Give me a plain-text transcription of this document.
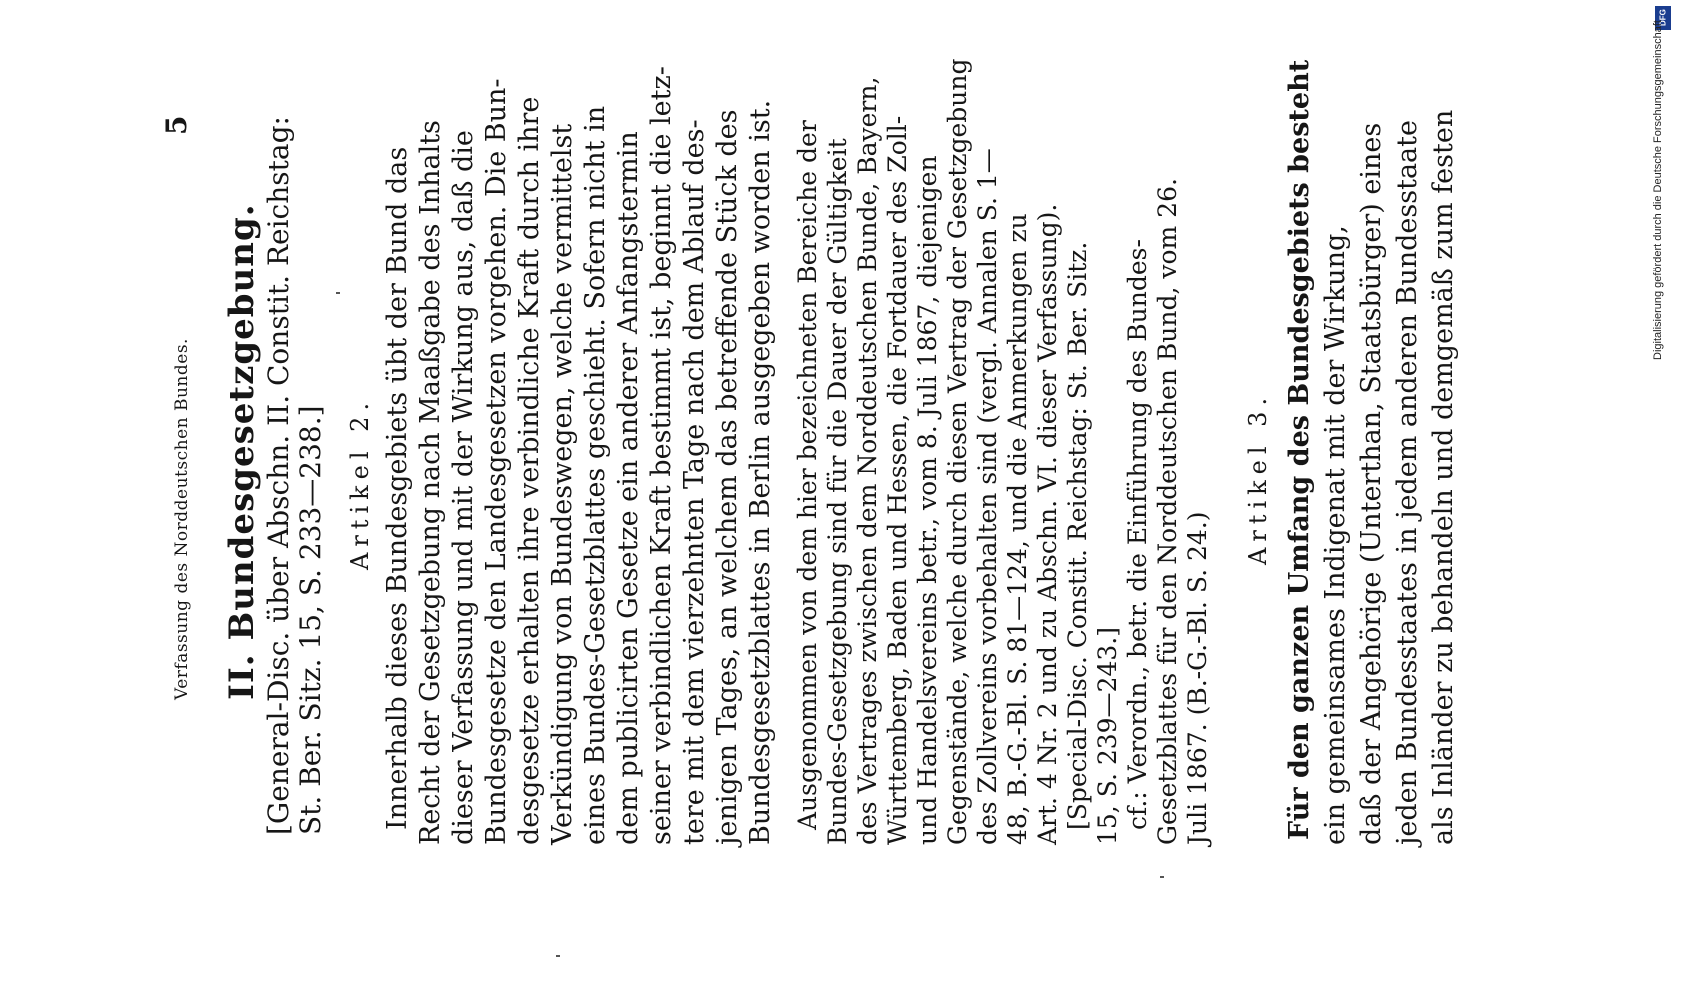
Verfassung des Norddeutschen Bundes.
5
II. Bundesgesetzgebung. [General-Disc. über Abschn. II. Constit. Reichstag: St. Ber. Sitz. 15, S. 233—238.] Artikel 2. Innerhalb dieses Bundesgebiets übt der Bund das Recht der Gesetzgebung nach Maaßgabe des Inhalts dieser Verfassung und mit der Wirkung aus, daß die Bundesgesetze den Landesgesetzen vorgehen. Die Bun- desgesetze erhalten ihre verbindliche Kraft durch ihre Verkündigung von Bundeswegen, welche vermittelst eines Bundes-Gesetzblattes geschieht. Sofern nicht in dem publicirten Gesetze ein anderer Anfangstermin seiner verbindlichen Kraft bestimmt ist, beginnt die letz- tere mit dem vierzehnten Tage nach dem Ablauf des- jenigen Tages, an welchem das betreffende Stück des Bundesgesetzblattes in Berlin ausgegeben worden ist. Ausgenommen von dem hier bezeichneten Bereiche der Bundes-Gesetzgebung sind für die Dauer der Gültigkeit des Vertrages zwischen dem Norddeutschen Bunde, Bayern, Württemberg, Baden und Hessen, die Fortdauer des Zoll- und Handelsvereins betr., vom 8. Juli 1867, diejenigen Gegenstände, welche durch diesen Vertrag der Gesetzgebung des Zollvereins vorbehalten sind (vergl. Annalen S. 1— 48, B.-G.-Bl. S. 81—124, und die Anmerkungen zu Art. 4 Nr. 2 und zu Abschn. VI. dieser Verfassung). [Special-Disc. Constit. Reichstag: St. Ber. Sitz. 15, S. 239—243.] cf.: Verordn., betr. die Einführung des Bundes- Gesetzblattes für den Norddeutschen Bund, vom 26. Juli 1867. (B.-G.-Bl. S. 24.)
Artikel 3. Für den ganzen Umfang des Bundesgebiets besteht ein gemeinsames Indigenat mit der Wirkung, daß der Angehörige (Unterthan, Staatsbürger) eines jeden Bundesstaates in jedem anderen Bundesstaate als Inländer zu behandeln und demgemäß zum festen
DFG
Digitalisierung gefördert durch die Deutsche Forschungsgemeinschaft
